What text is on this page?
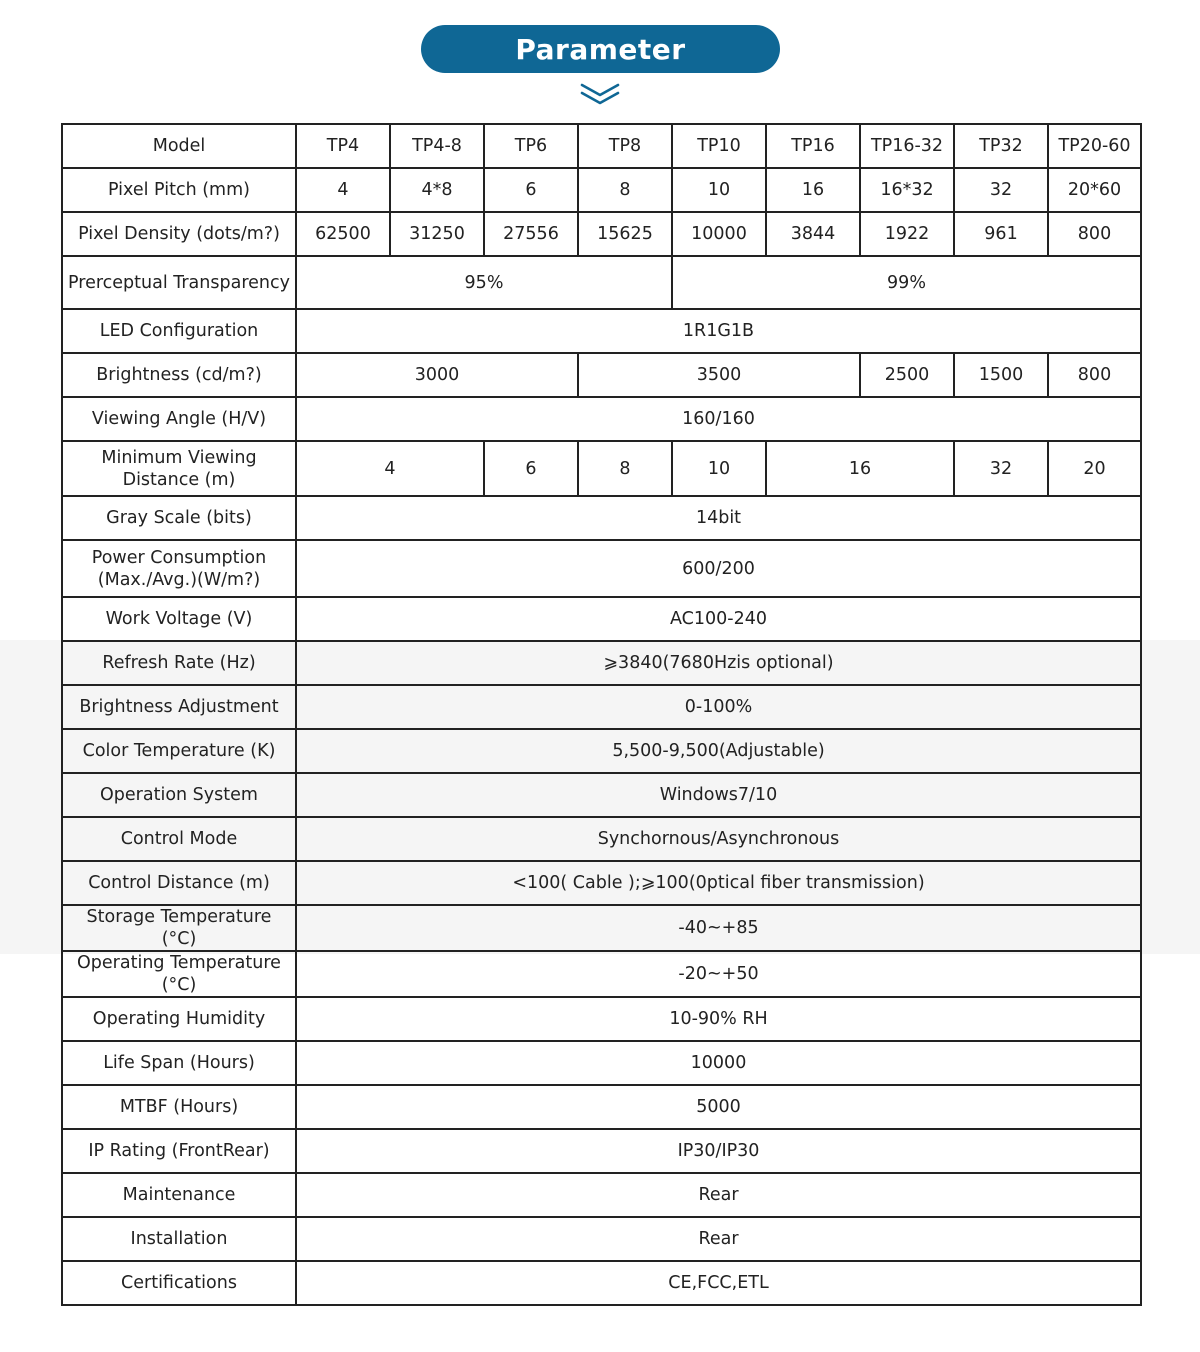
Parameter
Model	TP4	TP4-8	TP6	TP8	TP10	TP16	TP16-32	TP32	TP20-60
Pixel Pitch (mm)	4	4*8	6	8	10	16	16*32	32	20*60
Pixel Density (dots/m?)	62500	31250	27556	15625	10000	3844	1922	961	800
Prerceptual Transparency	95%				99%				
LED Configuration	1R1G1B								
Brightness (cd/m?)	3000			3500			2500	1500	800
Viewing Angle (H/V)	160/160								
Minimum Viewing Distance (m)	4		6	8	10	16		32	20
Gray Scale (bits)	14bit								
Power Consumption (Max./Avg.)(W/m?)	600/200								
Work Voltage (V)	AC100-240								
Refresh Rate (Hz)	⩾3840(7680Hzis optional)								
Brightness Adjustment	0-100%								
Color Temperature (K)	5,500-9,500(Adjustable)								
Operation System	Windows7/10								
Control Mode	Synchornous/Asynchronous								
Control Distance (m)	<100( Cable );⩾100(0ptical fiber transmission)								
Storage Temperature (°C)	-40~+85								
Operating Temperature (°C)	-20~+50								
Operating Humidity	10-90% RH								
Life Span (Hours)	10000								
MTBF (Hours)	5000								
IP Rating (FrontRear)	IP30/IP30								
Maintenance	Rear								
Installation	Rear								
Certifications	CE,FCC,ETL								
